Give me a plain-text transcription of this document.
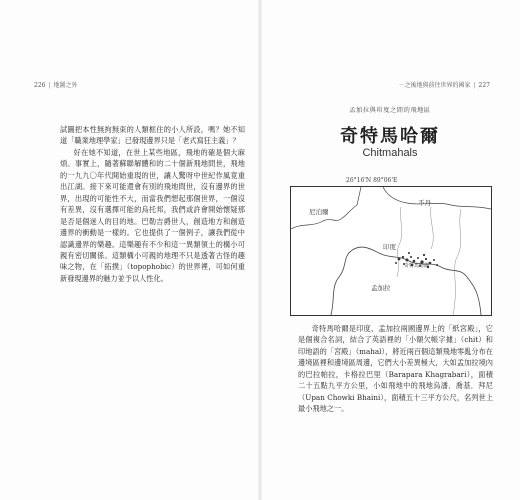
226 | 地圖之外

試圖把本性無拘無束的人類框住的小人所設，嗎？她不知道「職業地理學家」已發現邊界只是「老式寫狂主義」？

好在她不知道，在世上某些地區，飛地的確是個大麻煩。事實上，隨著蘇聯解體和的二十個新飛地問世，飛地的一九九〇年代開始重現的世，讓人驚呀中世紀作風竟重出江湖。接下來可能還會有別的飛地問世，沒有邊界的世界，出現的可能性不大，而當我們想起那個世界，一個沒有差異，沒有選擇可能的烏托邦，我們或許會開始懷疑那是否是個迷人的目的地。巴勒吉爵世人，創造地方和創造邊界的衝動是一樣的。它也提供了一個例子，讓我們從中認識邊界的樂趣。這樂趣有不少和這一異類領土的構小可親有密切關係。這類構小可親的地理不只是透著古怪的趣味之物，在「拓撲」（topophobic）的世界裡，可如何重新發現邊界的魅力並予以人性化。

ㄧ之後地與前往世界的國家 | 227
孟加拉與印度之間的飛地區
奇特馬哈爾
Chitmahals
26°16'N 89°06'E
尼泊爾
不丹
印度
奇特馬哈爾
孟加拉

奇特馬哈爾是印度、孟加拉兩國邊界上的「紙宮殿」，它是個複合名詞，結合了英語裡的「小額欠帳字據」（chit）和印地語的「宮殿」（mahal），將近兩百個這類飛地零亂分布在邊境區裡和邊境區周邊，它們大小差異極大，大如孟加拉境內的巴拉帕拉，卡格拉巴里（Barapara Khagrabari），面積二十五點九平方公里，小如飛地中的飛地烏潘．喬基．拜尼（Upan Chowki Bhaini），面積五十三平方公尺，名列世上最小飛地之一。
